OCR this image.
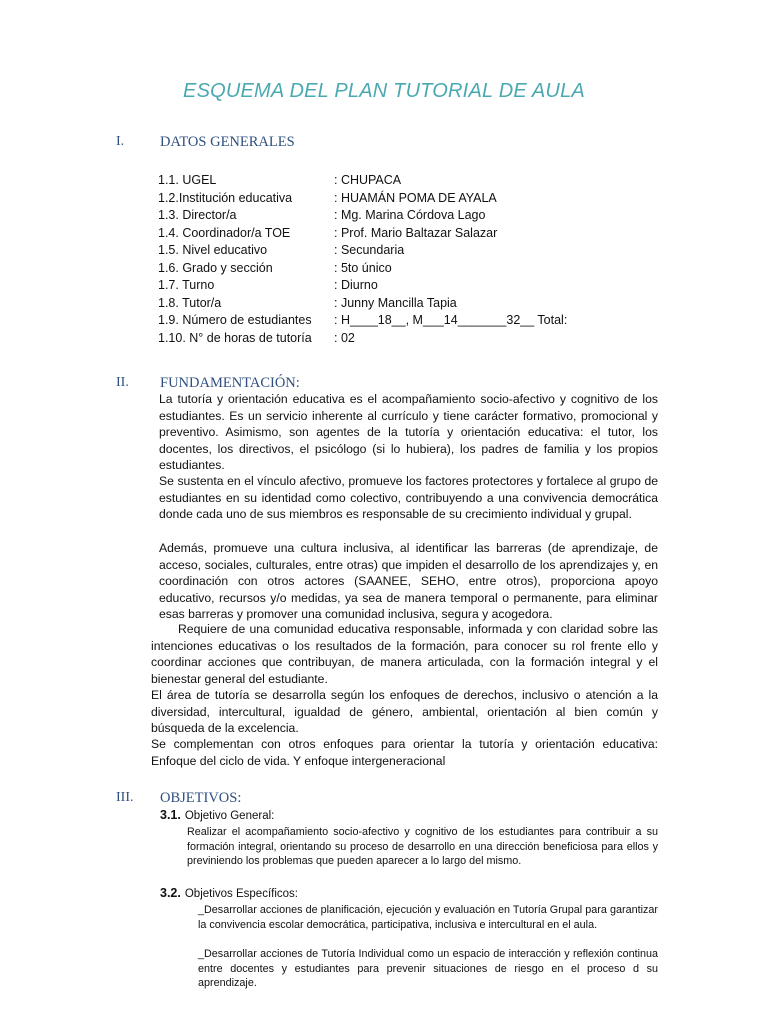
ESQUEMA DEL PLAN TUTORIAL DE AULA
I. DATOS GENERALES
1.1. UGEL	: CHUPACA
1.2.Institución educativa	: HUAMÁN POMA DE AYALA
1.3. Director/a	: Mg. Marina Córdova Lago
1.4. Coordinador/a TOE	: Prof. Mario Baltazar Salazar
1.5. Nivel educativo	: Secundaria
1.6. Grado y sección	: 5to único
1.7. Turno	: Diurno
1.8. Tutor/a	: Junny Mancilla Tapia
1.9. Número de estudiantes : H____18__, M___14_______32__ Total:
1.10. N° de horas de tutoría : 02
II. FUNDAMENTACIÓN:
La tutoría y orientación educativa es el acompañamiento socio-afectivo y cognitivo de los estudiantes. Es un servicio inherente al currículo y tiene carácter formativo, promocional y preventivo. Asimismo, son agentes de la tutoría y orientación educativa: el tutor, los docentes, los directivos, el psicólogo (si lo hubiera), los padres de familia y los propios estudiantes.
Se sustenta en el vínculo afectivo, promueve los factores protectores y fortalece al grupo de estudiantes en su identidad como colectivo, contribuyendo a una convivencia democrática donde cada uno de sus miembros es responsable de su crecimiento individual y grupal.
Además, promueve una cultura inclusiva, al identificar las barreras (de aprendizaje, de acceso, sociales, culturales, entre otras) que impiden el desarrollo de los aprendizajes y, en coordinación con otros actores (SAANEE, SEHO, entre otros), proporciona apoyo educativo, recursos y/o medidas, ya sea de manera temporal o permanente, para eliminar esas barreras y promover una comunidad inclusiva, segura y acogedora.
Requiere de una comunidad educativa responsable, informada y con claridad sobre las intenciones educativas o los resultados de la formación, para conocer su rol frente ello y coordinar acciones que contribuyan, de manera articulada, con la formación integral y el bienestar general del estudiante.
El área de tutoría se desarrolla según los enfoques de derechos, inclusivo o atención a la diversidad, intercultural, igualdad de género, ambiental, orientación al bien común y búsqueda de la excelencia.
Se complementan con otros enfoques para orientar la tutoría y orientación educativa: Enfoque del ciclo de vida. Y enfoque intergeneracional
III. OBJETIVOS:
3.1. Objetivo General:
Realizar el acompañamiento socio-afectivo y cognitivo de los estudiantes para contribuir a su formación integral, orientando su proceso de desarrollo en una dirección beneficiosa para ellos y previniendo los problemas que pueden aparecer a lo largo del mismo.
3.2. Objetivos Específicos:
_Desarrollar acciones de planificación, ejecución y evaluación en Tutoría Grupal para garantizar la convivencia escolar democrática, participativa, inclusiva e intercultural en el aula.
_Desarrollar acciones de Tutoría Individual como un espacio de interacción y reflexión continua entre docentes y estudiantes para prevenir situaciones de riesgo en el proceso d su aprendizaje.
